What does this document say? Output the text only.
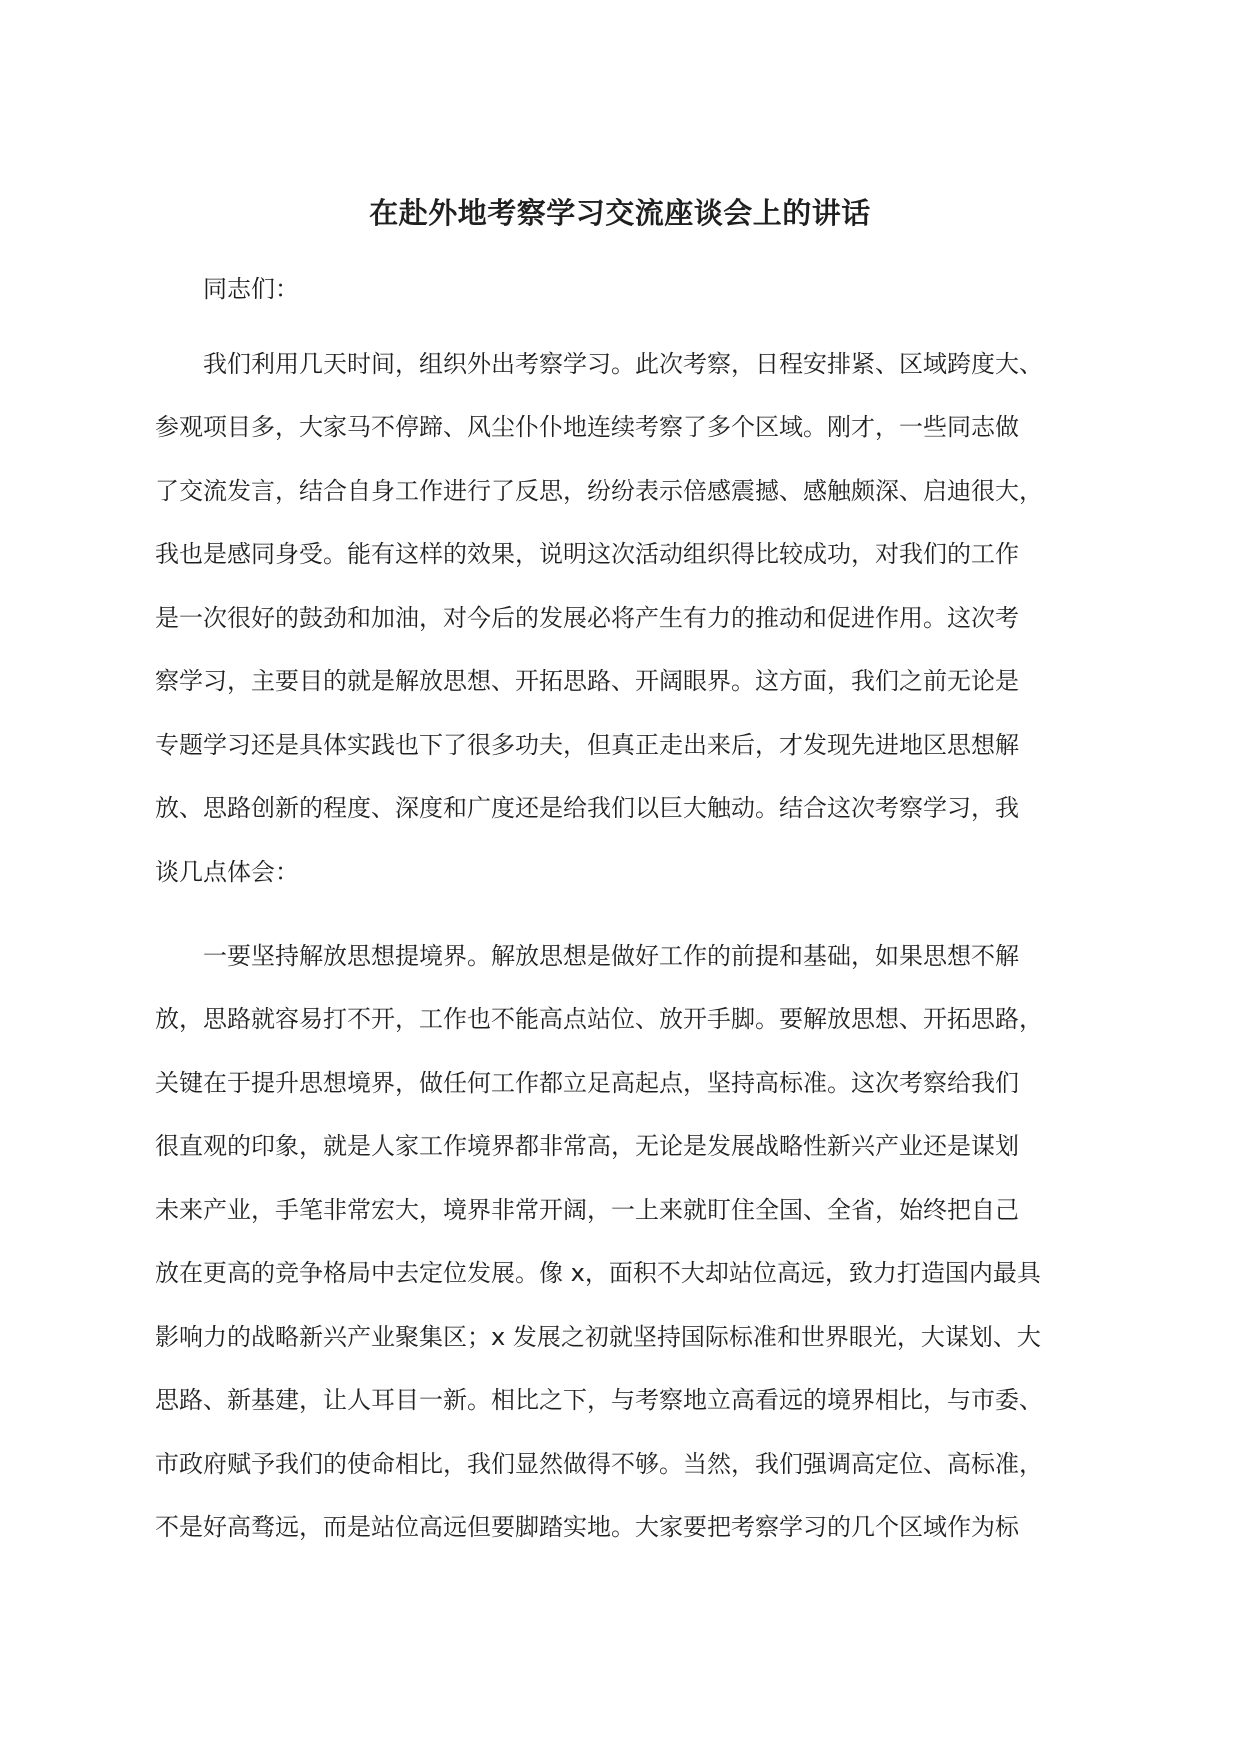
在赴外地考察学习交流座谈会上的讲话
同志们：
我们利用几天时间，组织外出考察学习。此次考察，日程安排紧、区域跨度大、
参观项目多，大家马不停蹄、风尘仆仆地连续考察了多个区域。刚才，一些同志做
了交流发言，结合自身工作进行了反思，纷纷表示倍感震撼、感触颇深、启迪很大，
我也是感同身受。能有这样的效果，说明这次活动组织得比较成功，对我们的工作
是一次很好的鼓劲和加油，对今后的发展必将产生有力的推动和促进作用。这次考
察学习，主要目的就是解放思想、开拓思路、开阔眼界。这方面，我们之前无论是
专题学习还是具体实践也下了很多功夫，但真正走出来后，才发现先进地区思想解
放、思路创新的程度、深度和广度还是给我们以巨大触动。结合这次考察学习，我
谈几点体会：
一要坚持解放思想提境界。解放思想是做好工作的前提和基础，如果思想不解
放，思路就容易打不开，工作也不能高点站位、放开手脚。要解放思想、开拓思路，
关键在于提升思想境界，做任何工作都立足高起点，坚持高标准。这次考察给我们
很直观的印象，就是人家工作境界都非常高，无论是发展战略性新兴产业还是谋划
未来产业，手笔非常宏大，境界非常开阔，一上来就盯住全国、全省，始终把自己
放在更高的竞争格局中去定位发展。像 x，面积不大却站位高远，致力打造国内最具
影响力的战略新兴产业聚集区；x 发展之初就坚持国际标准和世界眼光，大谋划、大
思路、新基建，让人耳目一新。相比之下，与考察地立高看远的境界相比，与市委、
市政府赋予我们的使命相比，我们显然做得不够。当然，我们强调高定位、高标准，
不是好高骛远，而是站位高远但要脚踏实地。大家要把考察学习的几个区域作为标
